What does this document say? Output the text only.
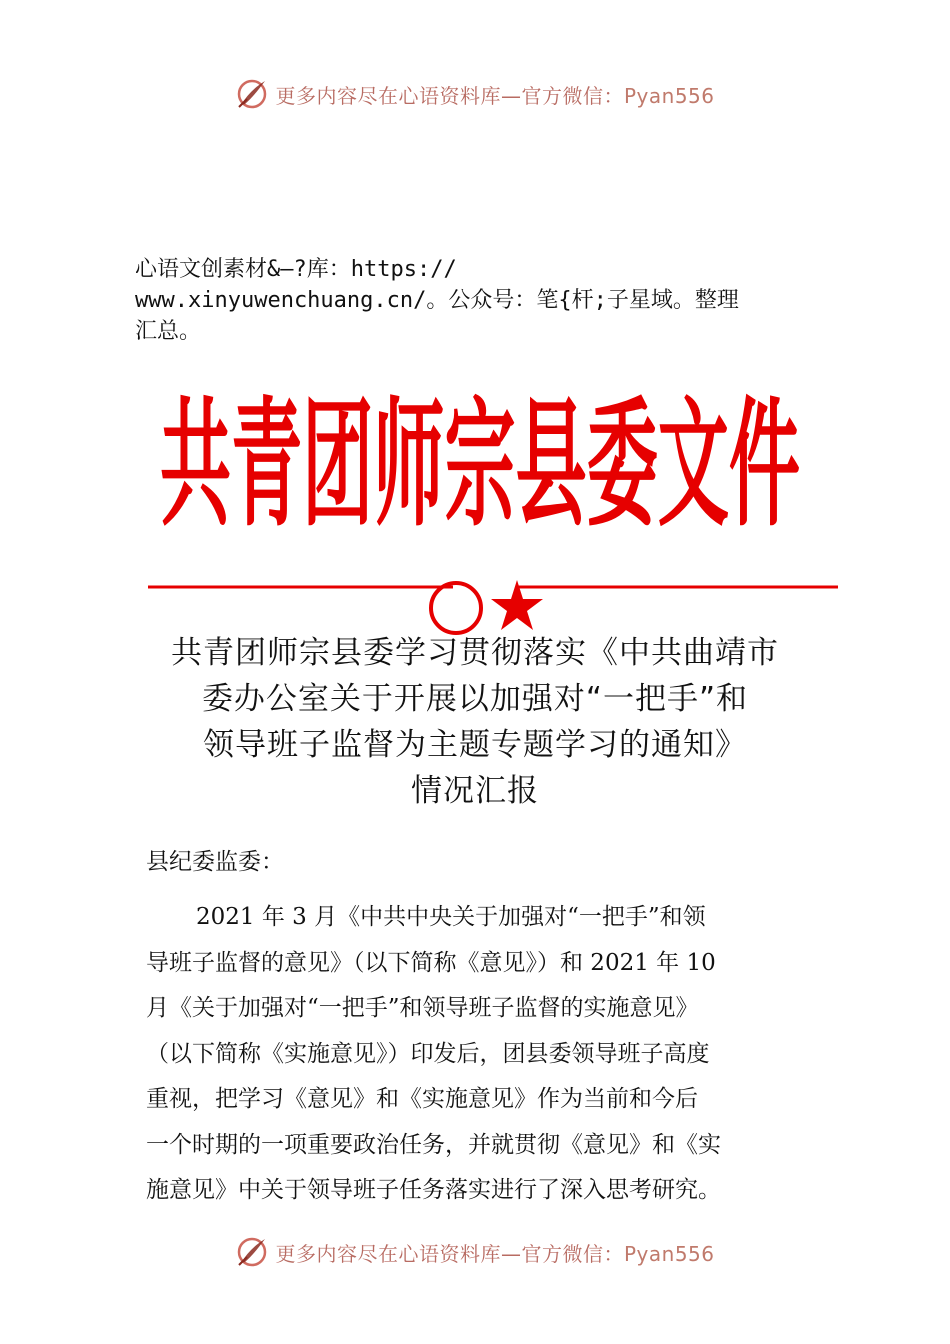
更多内容尽在心语资料库—官方微信：Pyan556
心语文创素材&—?库：https://
www.xinyuwenchuang.cn/。公众号：笔{杆;子星域。整理
汇总。
共青团师宗县委文件
共青团师宗县委学习贯彻落实《中共曲靖市
委办公室关于开展以加强对“一把手”和
领导班子监督为主题专题学习的通知》
情况汇报
县纪委监委：
2021 年 3 月《中共中央关于加强对“一把手”和领
导班子监督的意见》（以下简称《意见》）和 2021 年 10
月《关于加强对“一把手”和领导班子监督的实施意见》
（以下简称《实施意见》）印发后，团县委领导班子高度
重视，把学习《意见》和《实施意见》作为当前和今后
一个时期的一项重要政治任务，并就贯彻《意见》和《实
施意见》中关于领导班子任务落实进行了深入思考研究。
更多内容尽在心语资料库—官方微信：Pyan556
